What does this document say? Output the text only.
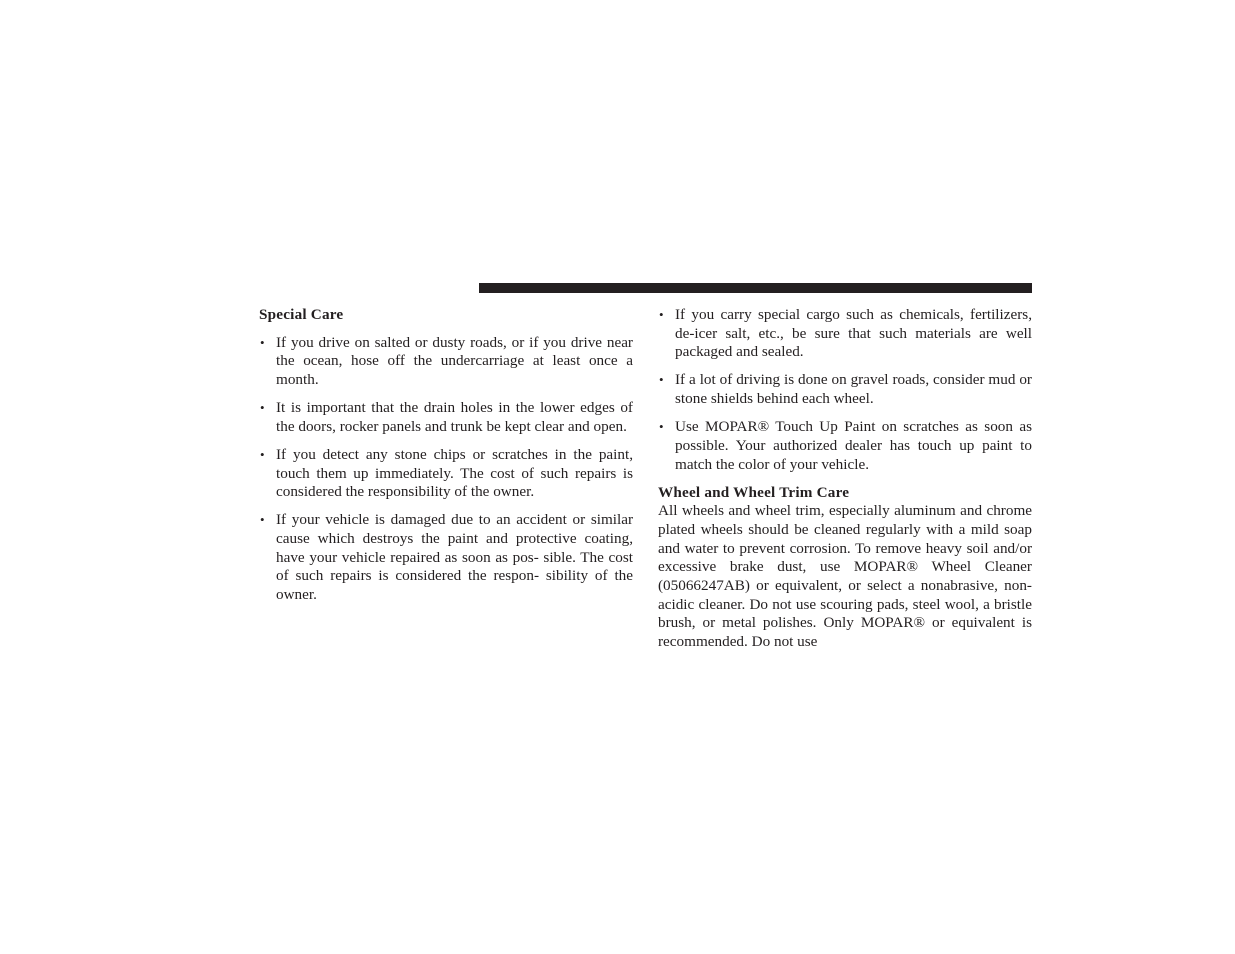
Special Care
• If you drive on salted or dusty roads, or if you drive near the ocean, hose off the undercarriage at least once a month.
• It is important that the drain holes in the lower edges of the doors, rocker panels and trunk be kept clear and open.
• If you detect any stone chips or scratches in the paint, touch them up immediately. The cost of such repairs is considered the responsibility of the owner.
• If your vehicle is damaged due to an accident or similar cause which destroys the paint and protective coating, have your vehicle repaired as soon as pos- sible. The cost of such repairs is considered the respon- sibility of the owner.
• If you carry special cargo such as chemicals, fertilizers, de-icer salt, etc., be sure that such materials are well packaged and sealed.
• If a lot of driving is done on gravel roads, consider mud or stone shields behind each wheel.
• Use MOPAR® Touch Up Paint on scratches as soon as possible. Your authorized dealer has touch up paint to match the color of your vehicle.
Wheel and Wheel Trim Care

All wheels and wheel trim, especially aluminum and chrome plated wheels should be cleaned regularly with a mild soap and water to prevent corrosion. To remove heavy soil and/or excessive brake dust, use MOPAR® Wheel Cleaner (05066247AB) or equivalent, or select a nonabrasive, non-acidic cleaner. Do not use scouring pads, steel wool, a bristle brush, or metal polishes. Only MOPAR® or equivalent is recommended. Do not use
